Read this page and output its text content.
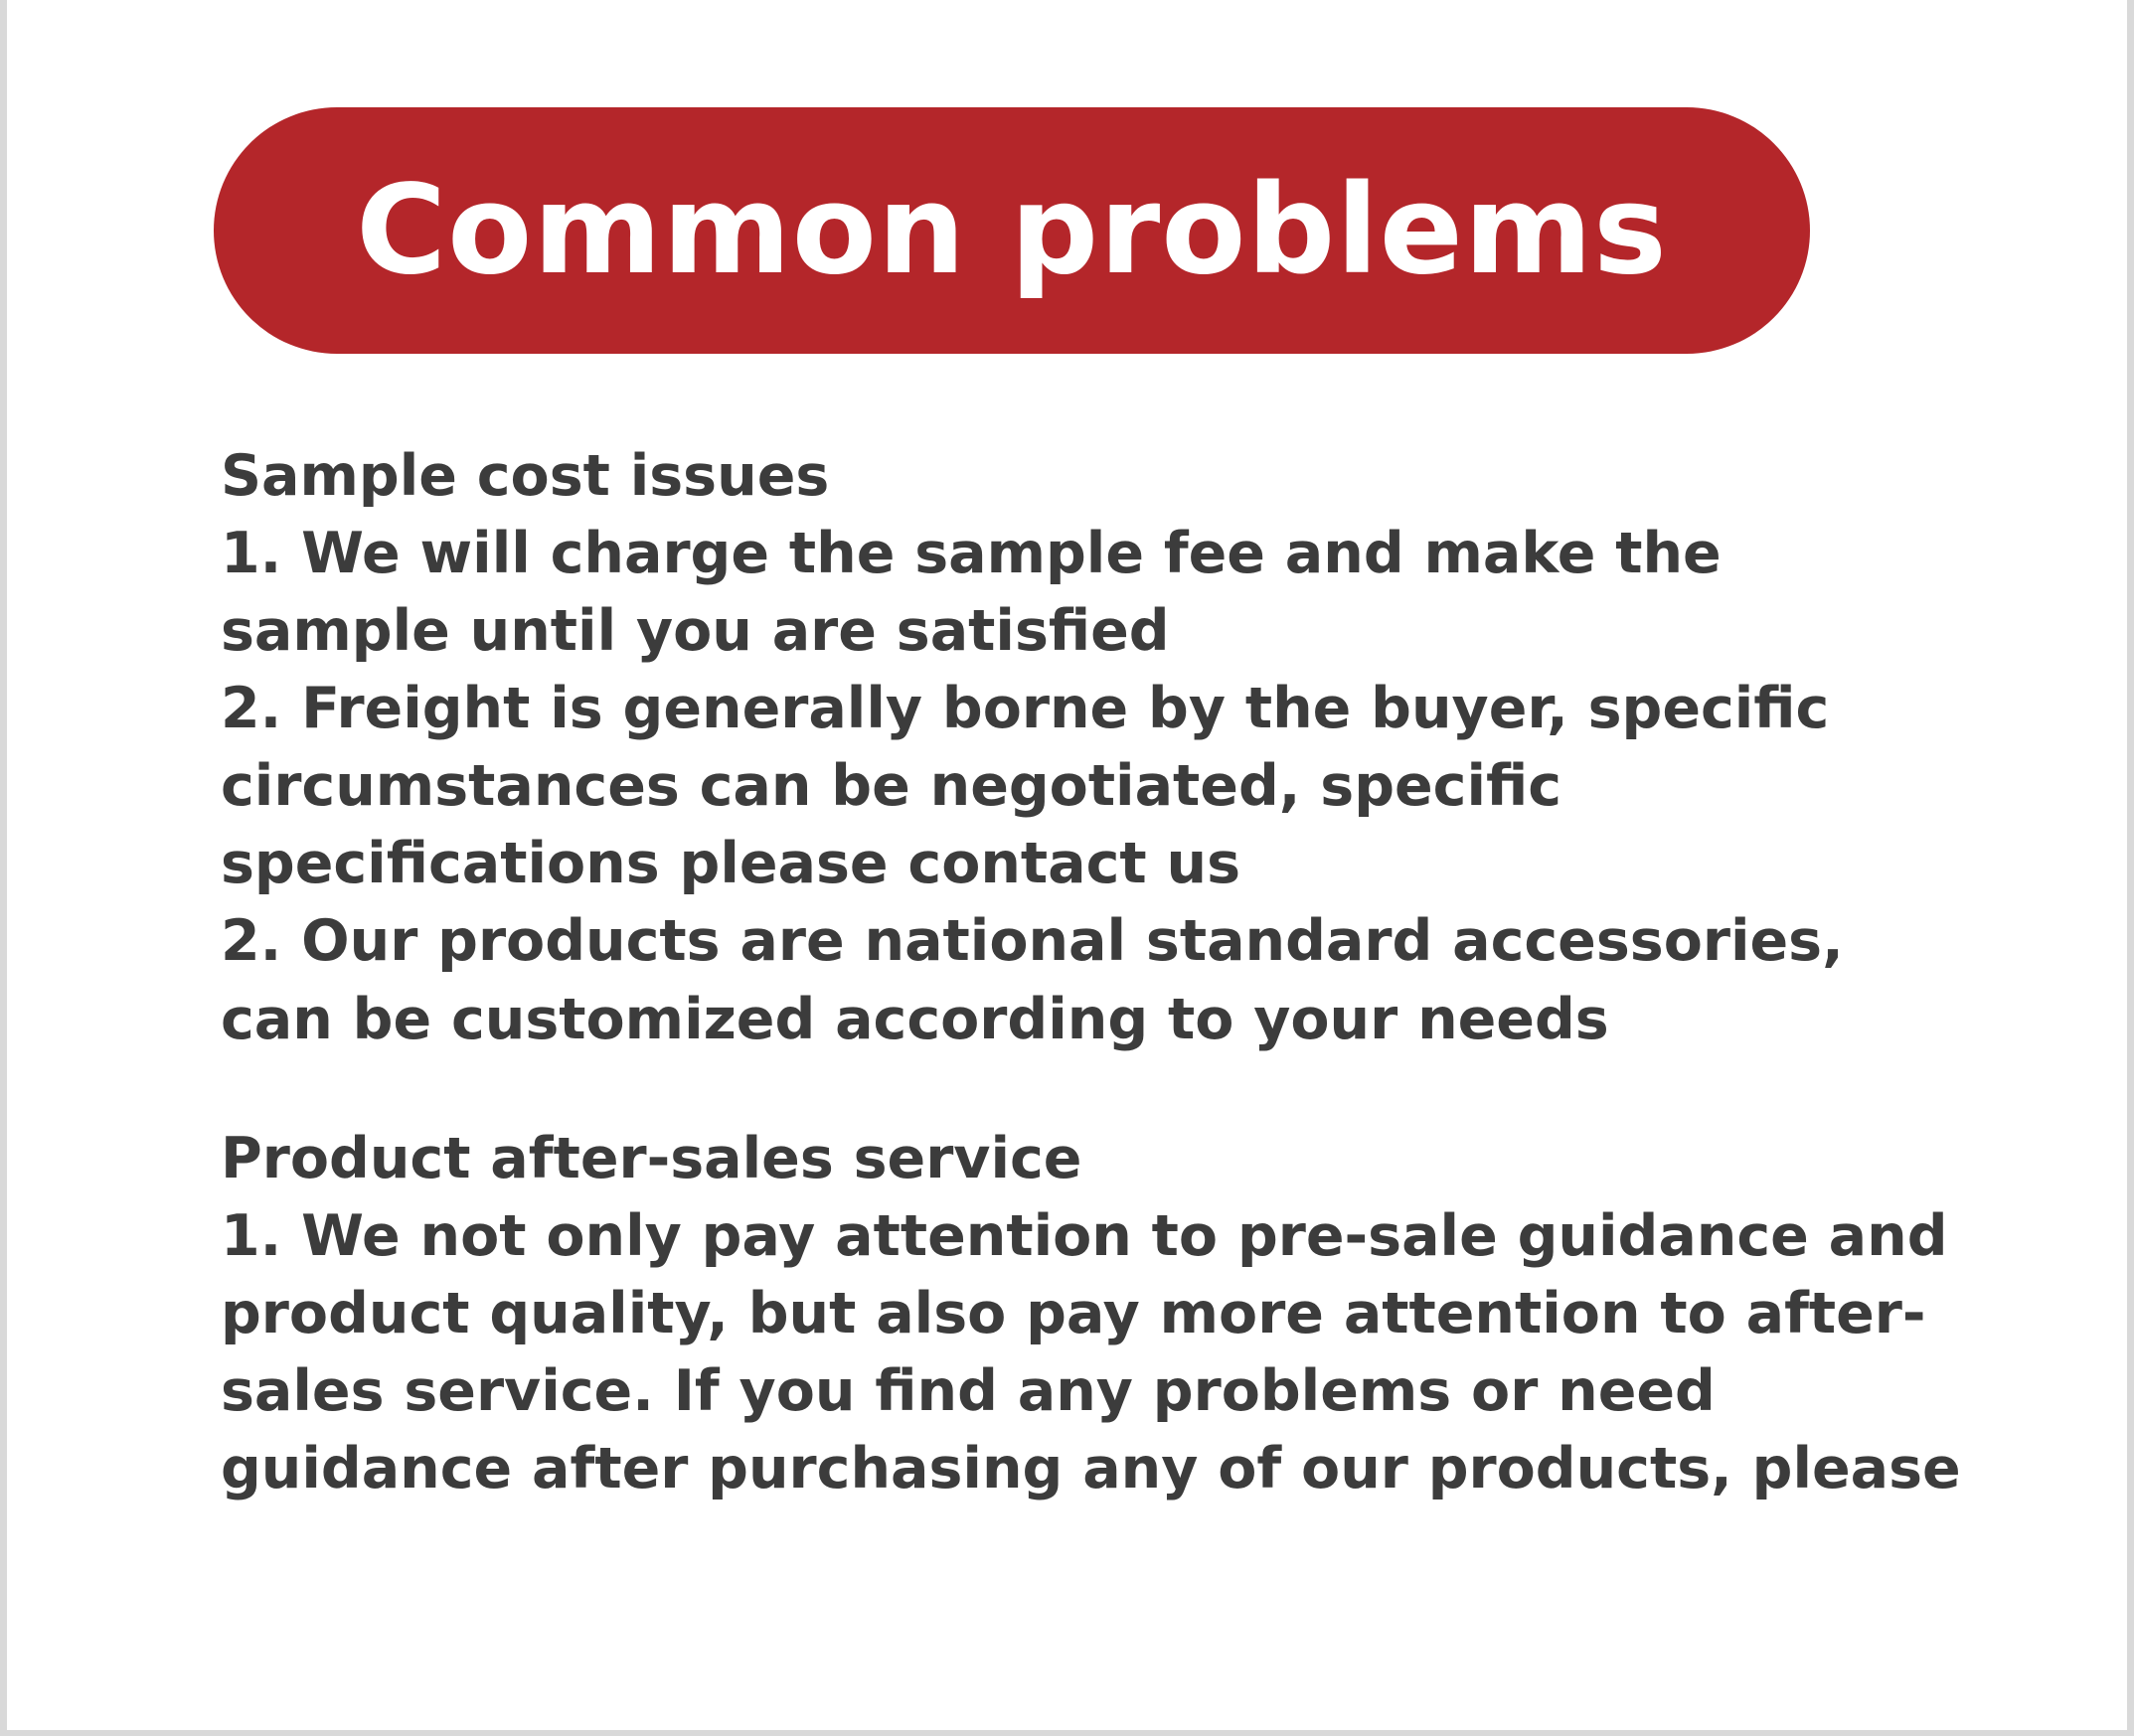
Common problems
Sample cost issues
1. We will charge the sample fee and make the sample until you are satisfied
2. Freight is generally borne by the buyer, specific circumstances can be negotiated, specific specifications please contact us
2. Our products are national standard accessories, can be customized according to your needs
Product after-sales service
1. We not only pay attention to pre-sale guidance and product quality, but also pay more attention to after-sales service. If you find any problems or need guidance after purchasing any of our products, please
